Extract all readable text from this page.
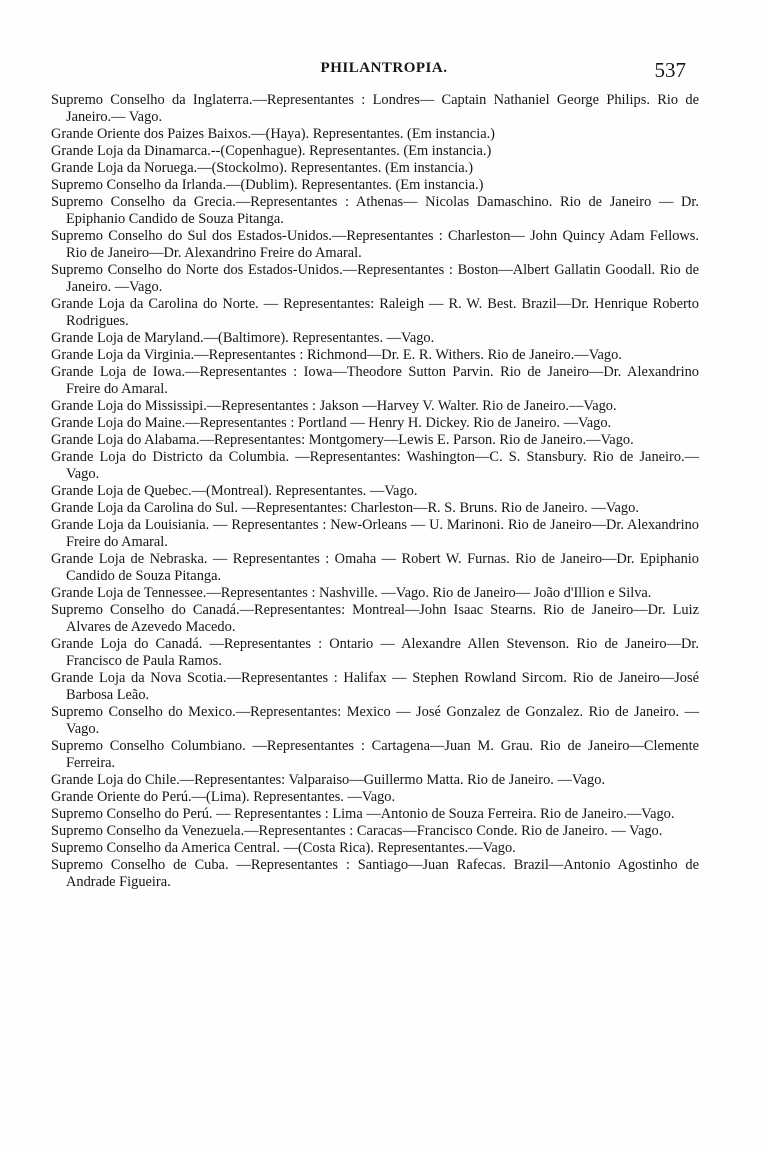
PHILANTROPIA.	537
Supremo Conselho da Inglaterra.—Representantes : Londres— Captain Nathaniel George Philips. Rio de Janeiro.— Vago.
Grande Oriente dos Paizes Baixos.—(Haya). Representantes. (Em instancia.)
Grande Loja da Dinamarca.--(Copenhague). Representantes. (Em instancia.)
Grande Loja da Noruega.—(Stockolmo). Representantes. (Em instancia.)
Supremo Conselho da Irlanda.—(Dublim). Representantes. (Em instancia.)
Supremo Conselho da Grecia.—Representantes : Athenas— Nicolas Damaschino. Rio de Janeiro — Dr. Epiphanio Candido de Souza Pitanga.
Supremo Conselho do Sul dos Estados-Unidos.—Representantes : Charleston— John Quincy Adam Fellows. Rio de Janeiro—Dr. Alexandrino Freire do Amaral.
Supremo Conselho do Norte dos Estados-Unidos.—Representantes : Boston—Albert Gallatin Goodall. Rio de Janeiro. —Vago.
Grande Loja da Carolina do Norte. — Representantes: Raleigh — R. W. Best. Brazil—Dr. Henrique Roberto Rodrigues.
Grande Loja de Maryland.—(Baltimore). Representantes. —Vago.
Grande Loja da Virginia.—Representantes : Richmond—Dr. E. R. Withers. Rio de Janeiro.—Vago.
Grande Loja de Iowa.—Representantes : Iowa—Theodore Sutton Parvin. Rio de Janeiro—Dr. Alexandrino Freire do Amaral.
Grande Loja do Mississipi.—Representantes : Jakson —Harvey V. Walter. Rio de Janeiro.—Vago.
Grande Loja do Maine.—Representantes : Portland — Henry H. Dickey. Rio de Janeiro. —Vago.
Grande Loja do Alabama.—Representantes: Montgomery—Lewis E. Parson. Rio de Janeiro.—Vago.
Grande Loja do Districto da Columbia. —Representantes: Washington—C. S. Stansbury. Rio de Janeiro.—Vago.
Grande Loja de Quebec.—(Montreal). Representantes. —Vago.
Grande Loja da Carolina do Sul. —Representantes: Charleston—R. S. Bruns. Rio de Janeiro. —Vago.
Grande Loja da Louisiania. — Representantes : New-Orleans — U. Marinoni. Rio de Janeiro—Dr. Alexandrino Freire do Amaral.
Grande Loja de Nebraska. — Representantes : Omaha — Robert W. Furnas. Rio de Janeiro—Dr. Epiphanio Candido de Souza Pitanga.
Grande Loja de Tennessee.—Representantes : Nashville. —Vago. Rio de Janeiro— João d'Illion e Silva.
Supremo Conselho do Canadá.—Representantes: Montreal—John Isaac Stearns. Rio de Janeiro—Dr. Luiz Alvares de Azevedo Macedo.
Grande Loja do Canadá. —Representantes : Ontario — Alexandre Allen Stevenson. Rio de Janeiro—Dr. Francisco de Paula Ramos.
Grande Loja da Nova Scotia.—Representantes : Halifax — Stephen Rowland Sircom. Rio de Janeiro—José Barbosa Leão.
Supremo Conselho do Mexico.—Representantes: Mexico — José Gonzalez de Gonzalez. Rio de Janeiro. — Vago.
Supremo Conselho Columbiano. —Representantes : Cartagena—Juan M. Grau. Rio de Janeiro—Clemente Ferreira.
Grande Loja do Chile.—Representantes: Valparaiso—Guillermo Matta. Rio de Janeiro. —Vago.
Grande Oriente do Perú.—(Lima). Representantes. —Vago.
Supremo Conselho do Perú. — Representantes : Lima —Antonio de Souza Ferreira. Rio de Janeiro.—Vago.
Supremo Conselho da Venezuela.—Representantes : Caracas—Francisco Conde. Rio de Janeiro. — Vago.
Supremo Conselho da America Central. —(Costa Rica). Representantes.—Vago.
Supremo Conselho de Cuba. —Representantes : Santiago—Juan Rafecas. Brazil—Antonio Agostinho de Andrade Figueira.
